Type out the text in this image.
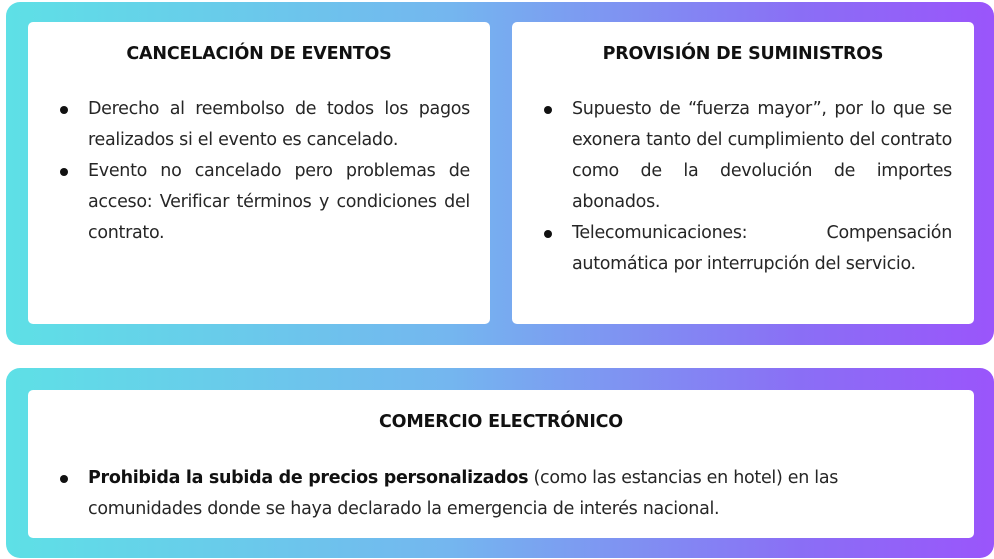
CANCELACIÓN DE EVENTOS
Derecho al reembolso de todos los pagos realizados si el evento es cancelado.
Evento no cancelado pero problemas de acceso: Verificar términos y condiciones del contrato.
PROVISIÓN DE SUMINISTROS
Supuesto de “fuerza mayor”, por lo que se exonera tanto del cumplimiento del contrato como de la devolución de importes abonados.
Telecomunicaciones: Compensación automática por interrupción del servicio.
COMERCIO ELECTRÓNICO
Prohibida la subida de precios personalizados (como las estancias en hotel) en las comunidades donde se haya declarado la emergencia de interés nacional.
